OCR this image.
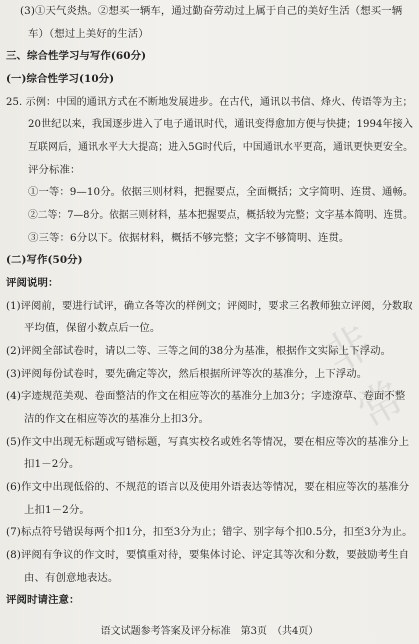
非常
(3)①天气炎热。②想买一辆车，通过勤奋劳动过上属于自己的美好生活（想买一辆
车）（想过上美好的生活）
三、综合性学习与写作(60分)
(一)综合性学习(10分)
25. 示例：中国的通讯方式在不断地发展进步。在古代，通讯以书信、烽火、传语等为主；
20世纪以来，我国逐步进入了电子通讯时代，通讯变得愈加方便与快捷；1994年接入
互联网后，通讯水平大大提高；进入5G时代后，中国通讯水平更高，通讯更快更安全。
评分标准：
①一等：9—10分。依据三则材料，把握要点，全面概括；文字简明、连贯、通畅。
②二等：7—8分。依据三则材料，基本把握要点，概括较为完整；文字基本简明、连贯。
③三等：6分以下。依据材料，概括不够完整；文字不够简明、连贯。
(二)写作(50分)
评阅说明：
(1)评阅前，要进行试评，确立各等次的样例文；评阅时，要求三名教师独立评阅，分数取
平均值，保留小数点后一位。
(2)评阅全部试卷时，请以二等、三等之间的38分为基准，根据作文实际上下浮动。
(3)评阅每份试卷时，要先确定等次，然后根据所评等次的基准分，上下浮动。
(4)字迹规范美观、卷面整洁的作文在相应等次的基准分上加3分；字迹潦草、卷面不整
洁的作文在相应等次的基准分上扣3分。
(5)作文中出现无标题或写错标题，写真实校名或姓名等情况，要在相应等次的基准分上
扣1－2分。
(6)作文中出现低俗的、不规范的语言以及使用外语表达等情况，要在相应等次的基准分
上扣1－2分。
(7)标点符号错误每两个扣1分，扣至3分为止；错字、别字每个扣0.5分，扣至3分为止。
(8)评阅有争议的作文时，要慎重对待，要集体讨论、评定其等次和分数，要鼓励考生自
由、有创意地表达。
评阅时请注意：
语文试题参考答案及评分标准　第3页　（共4页）
